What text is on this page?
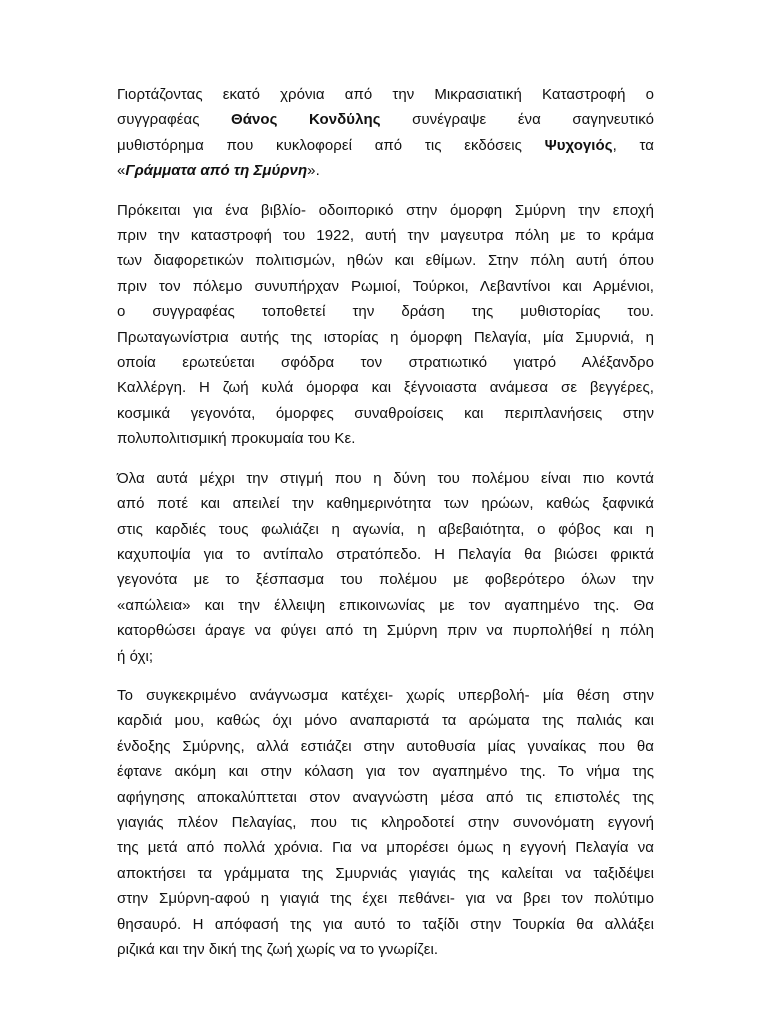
Γιορτάζοντας εκατό χρόνια από την Μικρασιατική Καταστροφή ο
συγγραφέας Θάνος Κονδύλης συνέγραψε ένα σαγηνευτικό
μυθιστόρημα που κυκλοφορεί από τις εκδόσεις Ψυχογιός, τα
«Γράμματα από τη Σμύρνη».
Πρόκειται για ένα βιβλίο- οδοιπορικό στην όμορφη Σμύρνη την εποχή
πριν την καταστροφή του 1922, αυτή την μαγευτρα πόλη με το κράμα
των διαφορετικών πολιτισμών, ηθών και εθίμων. Στην πόλη αυτή όπου
πριν τον πόλεμο συνυπήρχαν Ρωμιοί, Τούρκοι, Λεβαντίνοι και Αρμένιοι,
ο συγγραφέας τοποθετεί την δράση της μυθιστορίας του.
Πρωταγωνίστρια αυτής της ιστορίας η όμορφη Πελαγία, μία Σμυρνιά, η
οποία ερωτεύεται σφόδρα τον στρατιωτικό γιατρό Αλέξανδρο
Καλλέργη. Η ζωή κυλά όμορφα και ξέγνοιαστα ανάμεσα σε βεγγέρες,
κοσμικά γεγονότα, όμορφες συναθροίσεις και περιπλανήσεις στην
πολυπολιτισμική προκυμαία του Κε.
Όλα αυτά μέχρι την στιγμή που η δύνη του πολέμου είναι πιο κοντά
από ποτέ και απειλεί την καθημερινότητα των ηρώων, καθώς ξαφνικά
στις καρδιές τους φωλιάζει η αγωνία, η αβεβαιότητα, ο φόβος και η
καχυποψία για το αντίπαλο στρατόπεδο. Η Πελαγία θα βιώσει φρικτά
γεγονότα με το ξέσπασμα του πολέμου με φοβερότερο όλων την
«απώλεια» και την έλλειψη επικοινωνίας με τον αγαπημένο της. Θα
κατορθώσει άραγε να φύγει από τη Σμύρνη πριν να πυρπολήθεί η πόλη
ή όχι;
Το συγκεκριμένο ανάγνωσμα κατέχει- χωρίς υπερβολή- μία θέση στην
καρδιά μου, καθώς όχι μόνο αναπαριστά τα αρώματα της παλιάς και
ένδοξης Σμύρνης, αλλά εστιάζει στην αυτοθυσία μίας γυναίκας που θα
έφτανε ακόμη και στην κόλαση για τον αγαπημένο της. Το νήμα της
αφήγησης αποκαλύπτεται στον αναγνώστη μέσα από τις επιστολές της
γιαγιάς πλέον Πελαγίας, που τις κληροδοτεί στην συνονόματη εγγονή
της μετά από πολλά χρόνια. Για να μπορέσει όμως η εγγονή Πελαγία να
αποκτήσει τα γράμματα της Σμυρνιάς γιαγιάς της καλείται να ταξιδέψει
στην Σμύρνη-αφού η γιαγιά της έχει πεθάνει- για να βρει τον πολύτιμο
θησαυρό. Η απόφασή της για αυτό το ταξίδι στην Τουρκία θα αλλάξει
ριζικά και την δική της ζωή χωρίς να το γνωρίζει.
